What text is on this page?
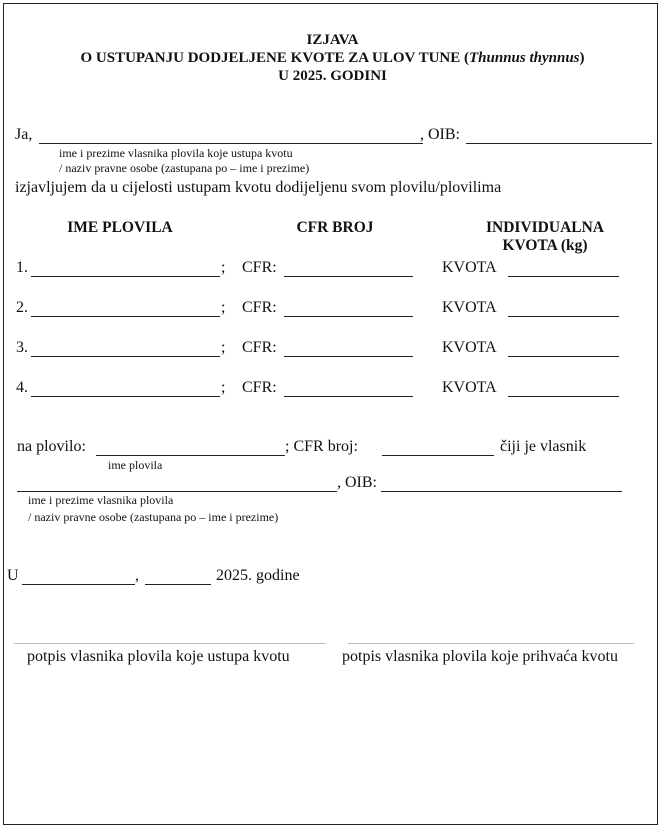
IZJAVA
O USTUPANJU DODJELJENE KVOTE ZA ULOV TUNE (Thunnus thynnus)
U 2025. GODINI
Ja,	, OIB:
ime i prezime vlasnika plovila koje ustupa kvotu
/ naziv pravne osobe (zastupana po – ime i prezime)
izjavljujem da u cijelosti ustupam kvotu dodijeljenu svom plovilu/plovilima
IME PLOVILA	CFR BROJ	INDIVIDUALNA
KVOTA (kg)
1.	; CFR:	KVOTA
2.	; CFR:	KVOTA
3.	; CFR:	KVOTA
4.	; CFR:	KVOTA
na plovilo:	; CFR broj:	čiji je vlasnik
ime plovila
, OIB:
ime i prezime vlasnika plovila
/ naziv pravne osobe (zastupana po – ime i prezime)
U	,	2025. godine
potpis vlasnika plovila koje ustupa kvotu	potpis vlasnika plovila koje prihvaća kvotu
